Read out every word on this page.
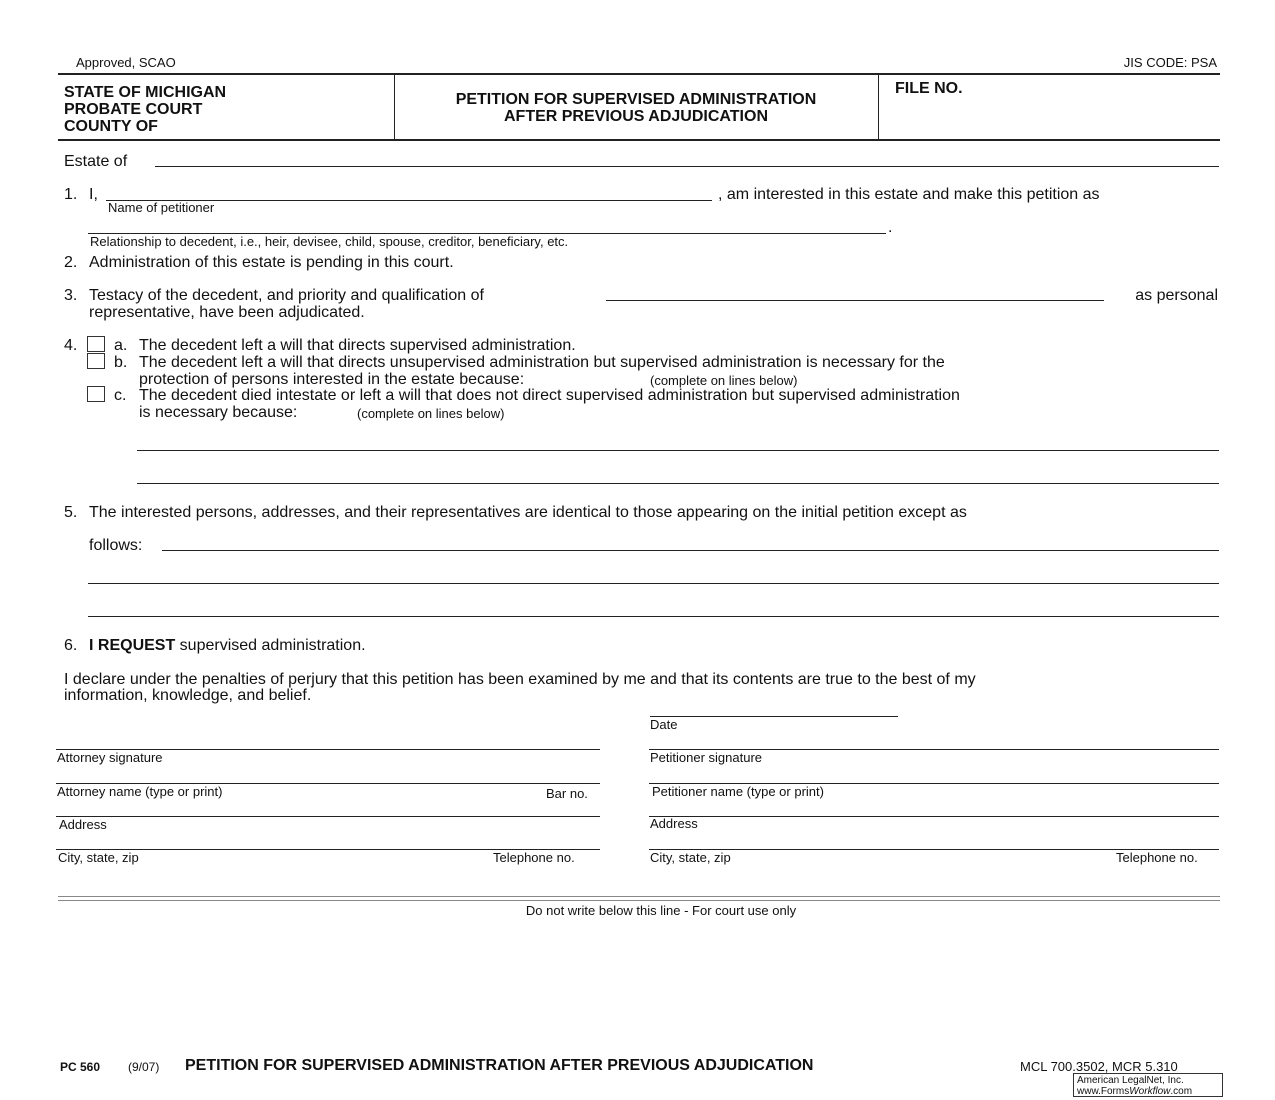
Approved, SCAO	JIS CODE: PSA
STATE OF MICHIGAN
PROBATE COURT
COUNTY OF
PETITION FOR SUPERVISED ADMINISTRATION
AFTER PREVIOUS ADJUDICATION
FILE NO.
Estate of
1. I,	, am interested in this estate and make this petition as
Name of petitioner
.
Relationship to decedent, i.e., heir, devisee, child, spouse, creditor, beneficiary, etc.
2. Administration of this estate is pending in this court.
3. Testacy of the decedent, and priority and qualification of	as personal
representative, have been adjudicated.
4. a. The decedent left a will that directs supervised administration.
b. The decedent left a will that directs unsupervised administration but supervised administration is necessary for the
protection of persons interested in the estate because:	(complete on lines below)
c. The decedent died intestate or left a will that does not direct supervised administration but supervised administration
is necessary because:	(complete on lines below)
5. The interested persons, addresses, and their representatives are identical to those appearing on the initial petition except as
follows:
6. I REQUEST supervised administration.
I declare under the penalties of perjury that this petition has been examined by me and that its contents are true to the best of my
information, knowledge, and belief.
Date
Attorney signature	Petitioner signature
Attorney name (type or print)	Bar no.	Petitioner name (type or print)
Address	Address
City, state, zip	Telephone no.	City, state, zip	Telephone no.
Do not write below this line - For court use only
PC 560 (9/07) PETITION FOR SUPERVISED ADMINISTRATION AFTER PREVIOUS ADJUDICATION	MCL 700.3502, MCR 5.310
American LegalNet, Inc.
www.FormsWorkflow.com
